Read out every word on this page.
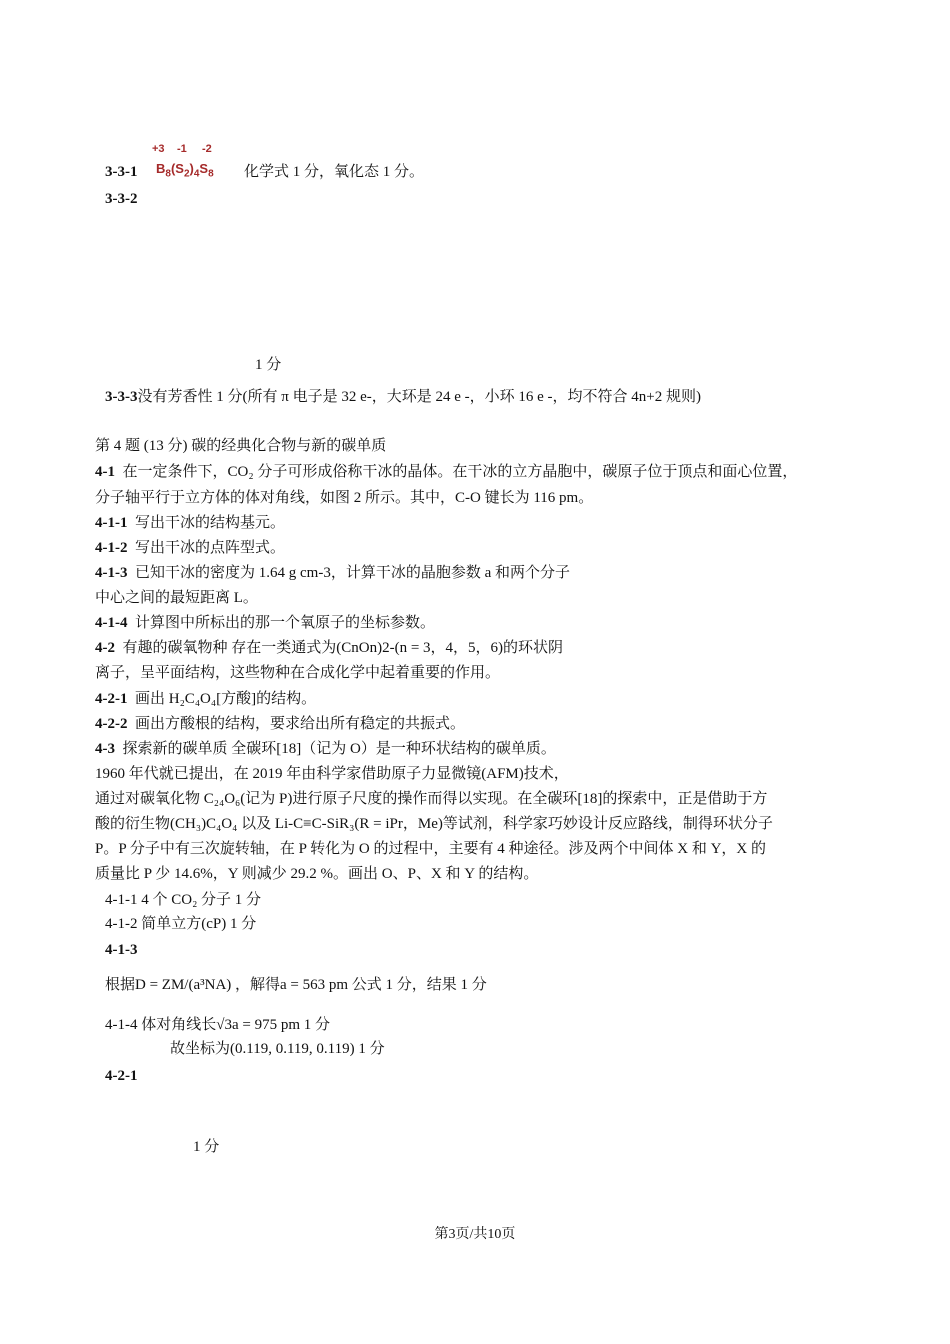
3-3-1
+3 -1 -2
$B_8(S_2)_4S_8$ 化学式 1 分，氧化态 1 分。
3-3-2
1 分
3-3-3没有芳香性 1 分(所有 π 电子是 32 e-，大环是 24 e -，小环 16 e -，均不符合 4n+2 规则)
第 4 题 (13 分) 碳的经典化合物与新的碳单质
4-1 在一定条件下，CO₂ 分子可形成俗称干冰的晶体。在干冰的立方晶胞中，碳原子位于顶点和面心位置，
分子轴平行于立方体的体对角线，如图 2 所示。其中，C-O 键长为 116 pm。
4-1-1 写出干冰的结构基元。
4-1-2 写出干冰的点阵型式。
4-1-3 已知干冰的密度为 1.64 g cm-3，计算干冰的晶胞参数 a 和两个分子
中心之间的最短距离 L。
4-1-4 计算图中所标出的那一个氧原子的坐标参数。
4-2 有趣的碳氧物种 存在一类通式为(CnOn)2-(n = 3，4，5，6)的环状阴
离子，呈平面结构，这些物种在合成化学中起着重要的作用。
4-2-1 画出 H₂C₄O₄[方酸]的结构。
4-2-2 画出方酸根的结构，要求给出所有稳定的共振式。
4-3 探索新的碳单质 全碳环[18]（记为 O）是一种环状结构的碳单质。
1960 年代就已提出，在 2019 年由科学家借助原子力显微镜(AFM)技术，
通过对碳氧化物 C₂₄O₆(记为 P)进行原子尺度的操作而得以实现。在全碳环[18]的探索中，正是借助于方
酸的衍生物(CH₃)C₄O₄ 以及 Li-C≡C-SiR₃(R = iPr，Me)等试剂，科学家巧妙设计反应路线，制得环状分子
P。P 分子中有三次旋转轴，在 P 转化为 O 的过程中，主要有 4 种途径。涉及两个中间体 X 和 Y，X 的
质量比 P 少 14.6%，Y 则减少 29.2 %。画出 O、P、X 和 Y 的结构。
4-1-1 4 个 CO₂ 分子 1 分
4-1-2 简单立方(cP) 1 分
4-1-3
根据D = ZM/(a³NA) ，解得a = 563 pm 公式 1 分，结果 1 分
4-1-4 体对角线长√3a = 975 pm 1 分
故坐标为(0.119, 0.119, 0.119) 1 分
4-2-1
1 分
第3页/共10页
